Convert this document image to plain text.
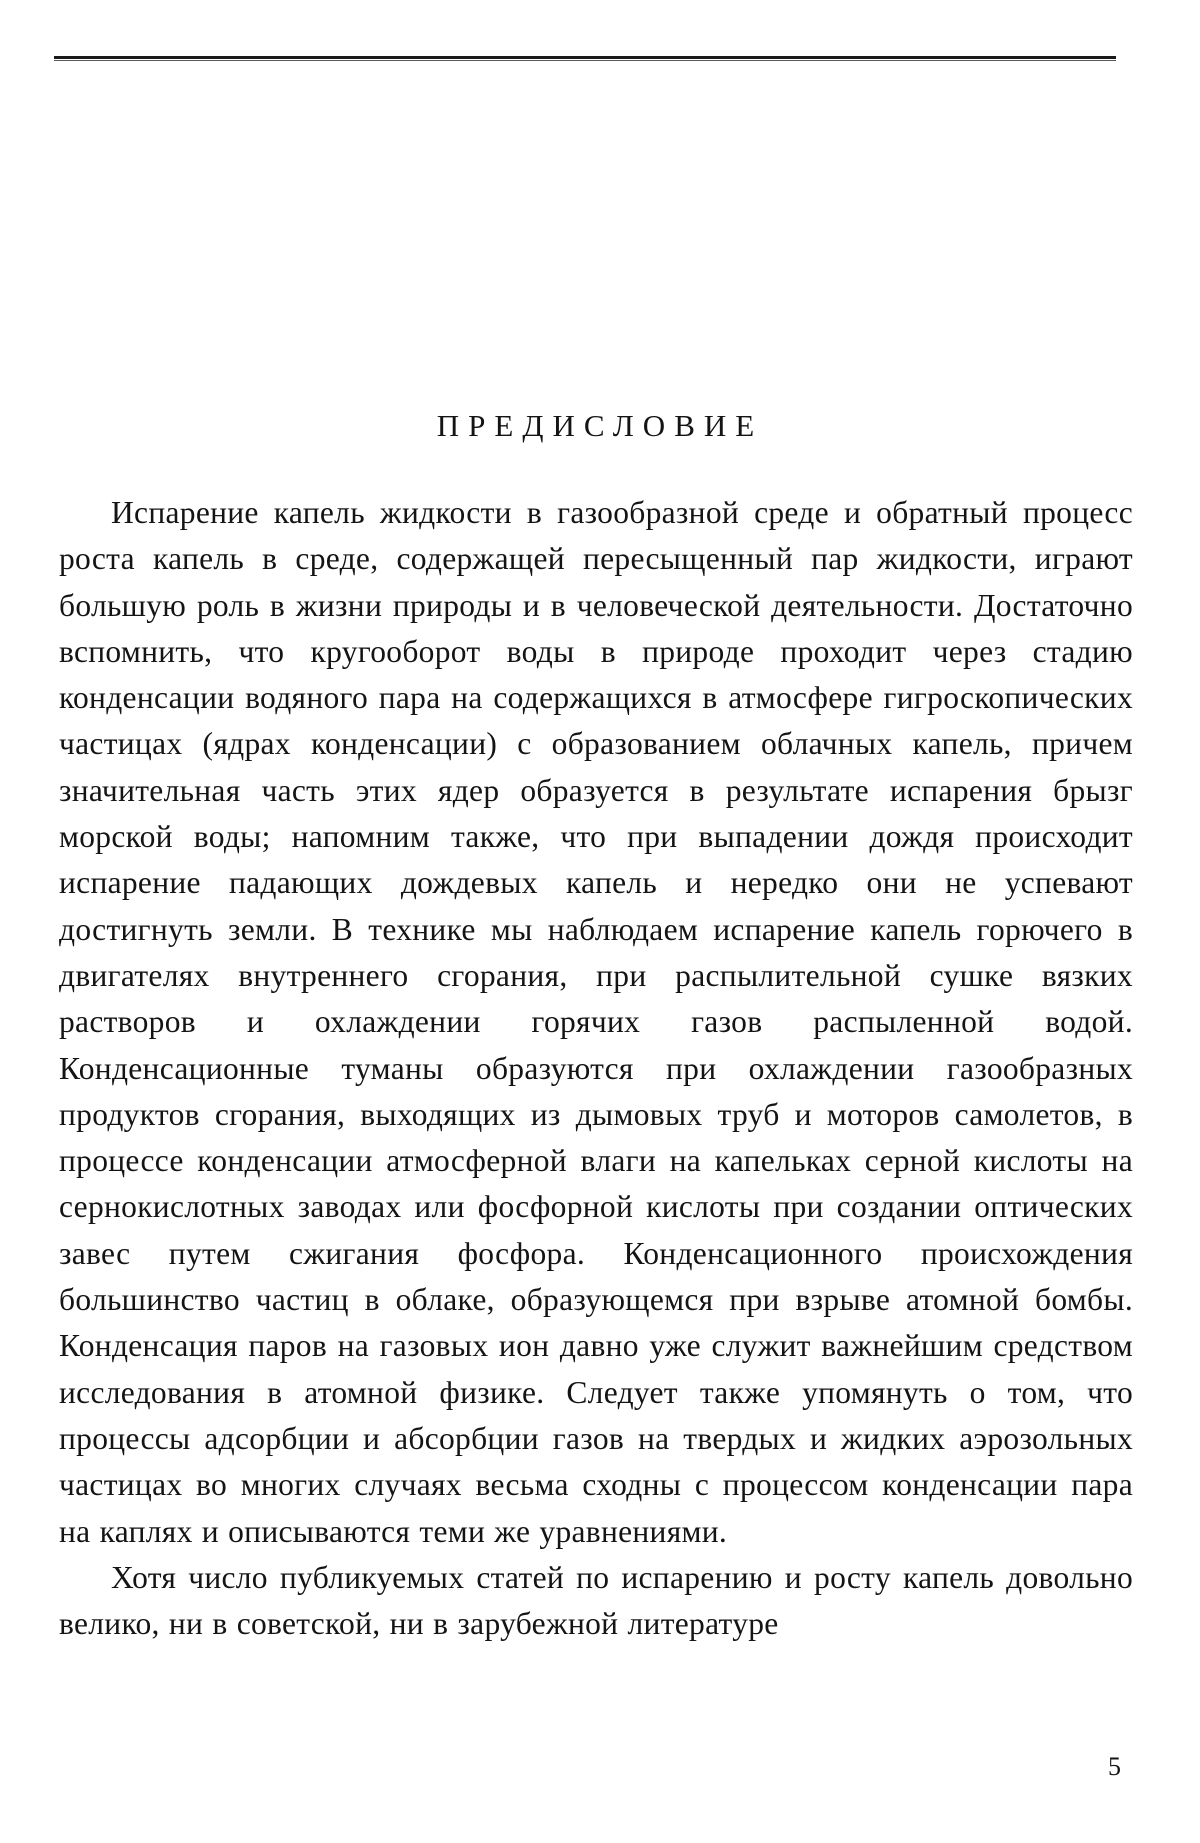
ПРЕДИСЛОВИЕ

Испарение капель жидкости в газообразной среде и обратный процесс роста капель в среде, содержащей пересыщенный пар жидкости, играют большую роль в жизни природы и в человеческой деятельности. Достаточно вспомнить, что кругооборот воды в природе проходит через стадию конденсации водяного пара на содержащихся в атмосфере гигроскопических частицах (ядрах конденсации) с образованием облачных капель, причем значительная часть этих ядер образуется в результате испарения брызг морской воды; напомним также, что при выпадении дождя происходит испарение падающих дождевых капель и нередко они не успевают достигнуть земли. В технике мы наблюдаем испарение капель горючего в двигателях внутреннего сгорания, при распылительной сушке вязких растворов и охлаждении горячих газов распыленной водой. Конденсационные туманы образуются при охлаждении газообразных продуктов сгорания, выходящих из дымовых труб и моторов самолетов, в процессе конденсации атмосферной влаги на капельках серной кислоты на сернокислотных заводах или фосфорной кислоты при создании оптических завес путем сжигания фосфора. Конденсационного происхождения большинство частиц в облаке, образующемся при взрыве атомной бомбы. Конденсация паров на газовых ион давно уже служит важнейшим средством исследования в атомной физике. Следует также упомянуть о том, что процессы адсорбции и абсорбции газов на твердых и жидких аэрозольных частицах во многих случаях весьма сходны с процессом конденсации пара на каплях и описываются теми же уравнениями.

Хотя число публикуемых статей по испарению и росту капель довольно велико, ни в советской, ни в зарубежной литературе

5
